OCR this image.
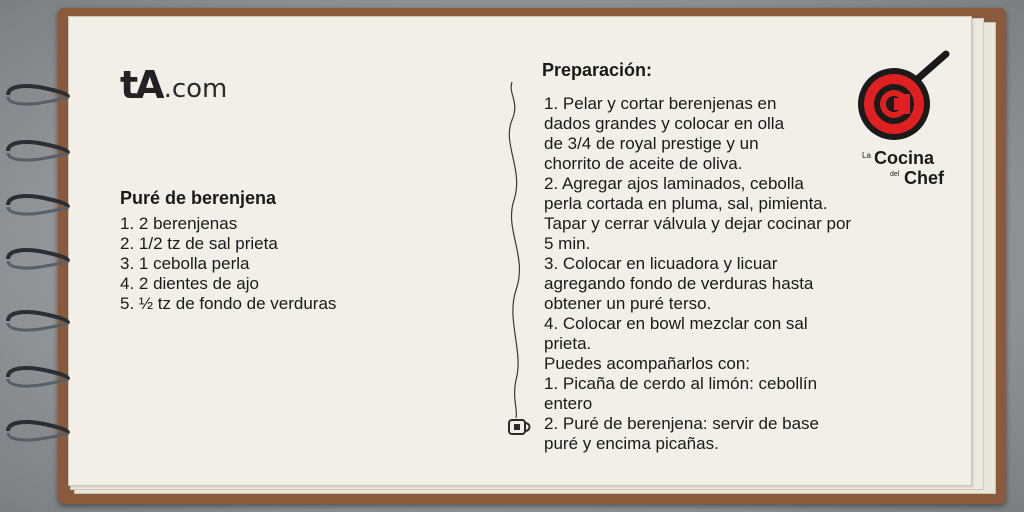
tA .com
Puré de berenjena
1. 2 berenjenas
2. 1/2 tz de sal prieta
3. 1 cebolla perla
4. 2 dientes de ajo
5. ½ tz de fondo de verduras
Preparación:
1. Pelar y cortar berenjenas en
dados grandes y colocar en olla
de 3/4 de royal prestige y un
chorrito de aceite de oliva.
2. Agregar ajos laminados, cebolla
perla cortada en pluma, sal, pimienta.
Tapar y cerrar válvula y dejar cocinar por
5 min.
3. Colocar en licuadora y licuar
agregando fondo de verduras hasta
obtener un puré terso.
4. Colocar en bowl mezclar con sal
prieta.
Puedes acompañarlos con:
1. Picaña de cerdo al limón: cebollín
entero
2. Puré de berenjena: servir de base
puré y encima picañas.
La Cocina
del Chef
